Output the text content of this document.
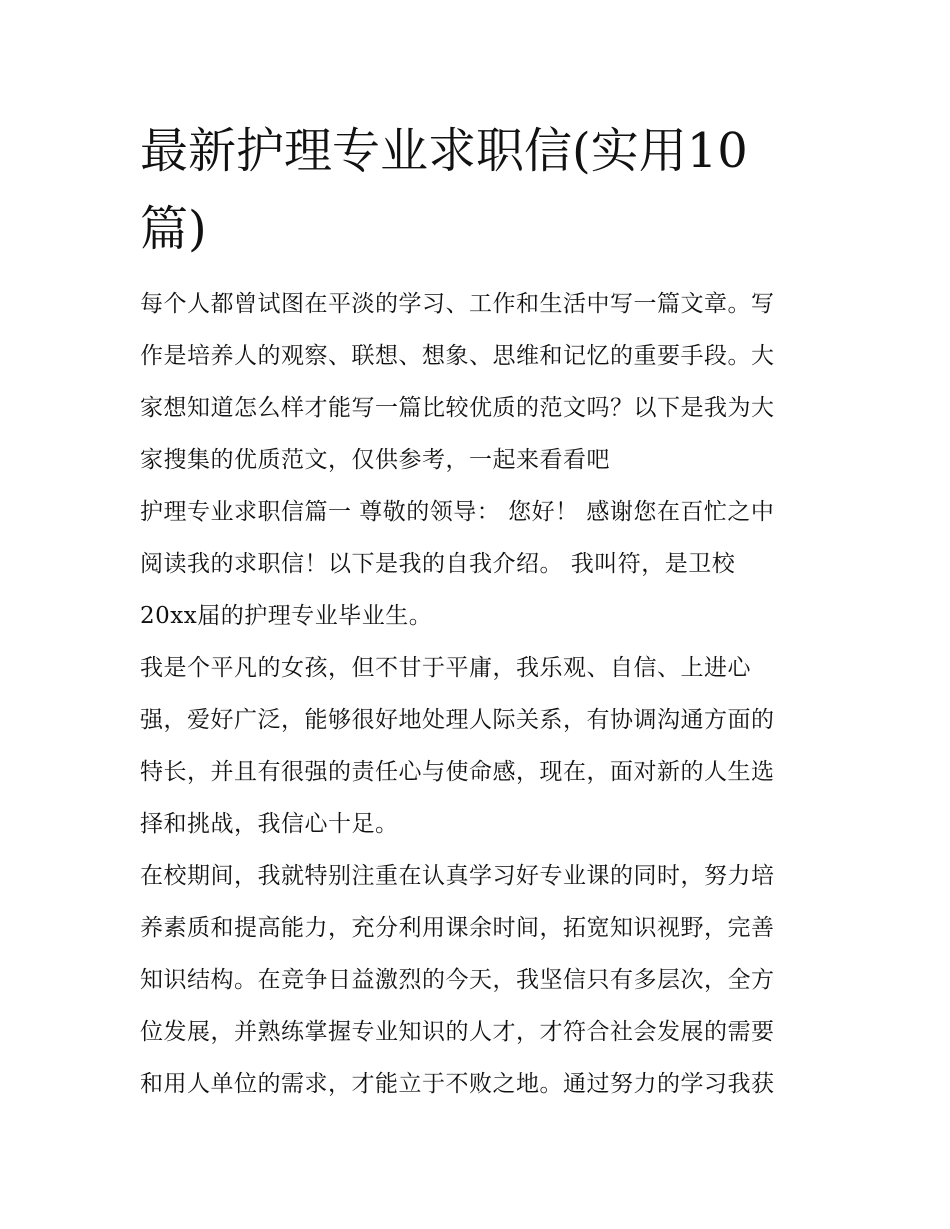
最新护理专业求职信(实用10
篇)

每个人都曾试图在平淡的学习、工作和生活中写一篇文章。写
作是培养人的观察、联想、想象、思维和记忆的重要手段。大
家想知道怎么样才能写一篇比较优质的范文吗？以下是我为大
家搜集的优质范文，仅供参考，一起来看看吧

护理专业求职信篇一 尊敬的领导： 您好！ 感谢您在百忙之中
阅读我的求职信！以下是我的自我介绍。 我叫符，是卫校
20xx届的护理专业毕业生。

我是个平凡的女孩，但不甘于平庸，我乐观、自信、上进心
强，爱好广泛，能够很好地处理人际关系，有协调沟通方面的
特长，并且有很强的责任心与使命感，现在，面对新的人生选
择和挑战，我信心十足。

在校期间，我就特别注重在认真学习好专业课的同时，努力培
养素质和提高能力，充分利用课余时间，拓宽知识视野，完善
知识结构。在竞争日益激烈的今天，我坚信只有多层次，全方
位发展，并熟练掌握专业知识的人才，才符合社会发展的需要
和用人单位的需求，才能立于不败之地。通过努力的学习我获
